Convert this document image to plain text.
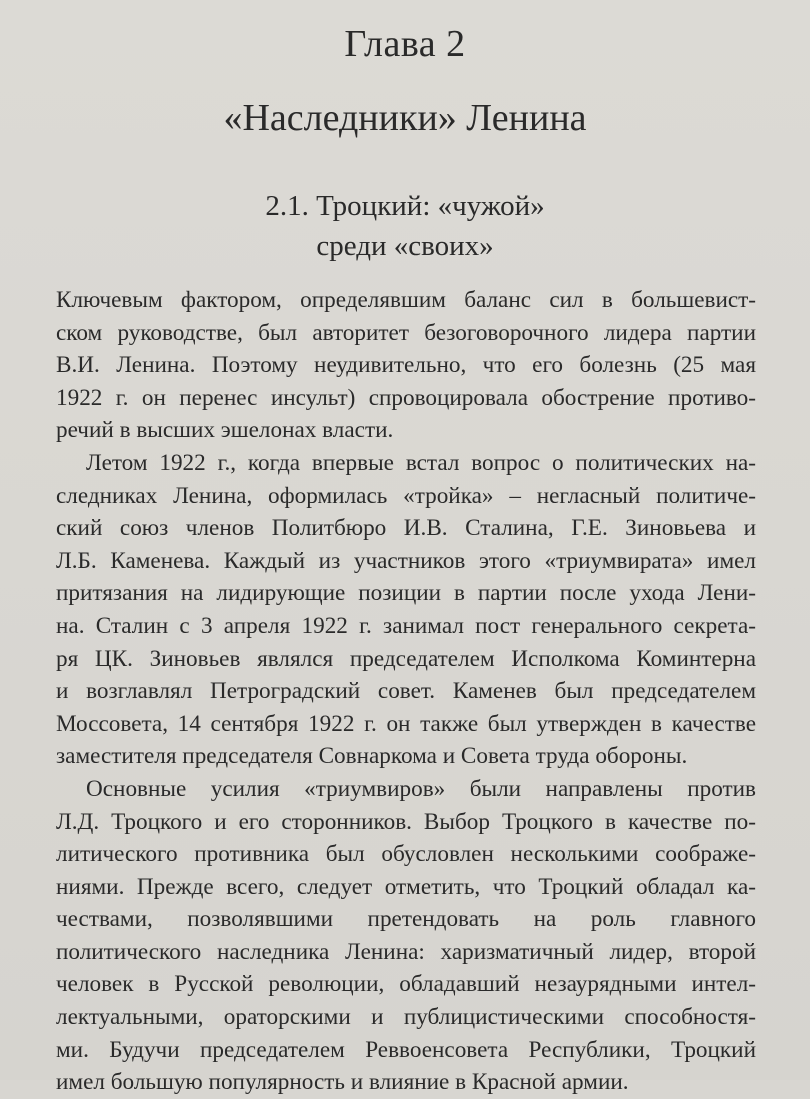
Глава 2
«Наследники» Ленина
2.1. Троцкий: «чужой»
среди «своих»
Ключевым фактором, определявшим баланс сил в большевист-
ском руководстве, был авторитет безоговорочного лидера партии
В.И. Ленина. Поэтому неудивительно, что его болезнь (25 мая
1922 г. он перенес инсульт) спровоцировала обострение противо-
речий в высших эшелонах власти.
Летом 1922 г., когда впервые встал вопрос о политических на-
следниках Ленина, оформилась «тройка» – негласный политиче-
ский союз членов Политбюро И.В. Сталина, Г.Е. Зиновьева и
Л.Б. Каменева. Каждый из участников этого «триумвирата» имел
притязания на лидирующие позиции в партии после ухода Лени-
на. Сталин с 3 апреля 1922 г. занимал пост генерального секрета-
ря ЦК. Зиновьев являлся председателем Исполкома Коминтерна
и возглавлял Петроградский совет. Каменев был председателем
Моссовета, 14 сентября 1922 г. он также был утвержден в качестве
заместителя председателя Совнаркома и Совета труда обороны.
Основные усилия «триумвиров» были направлены против
Л.Д. Троцкого и его сторонников. Выбор Троцкого в качестве по-
литического противника был обусловлен несколькими соображе-
ниями. Прежде всего, следует отметить, что Троцкий обладал ка-
чествами, позволявшими претендовать на роль главного
политического наследника Ленина: харизматичный лидер, второй
человек в Русской революции, обладавший незаурядными интел-
лектуальными, ораторскими и публицистическими способностя-
ми. Будучи председателем Реввоенсовета Республики, Троцкий
имел большую популярность и влияние в Красной армии.
